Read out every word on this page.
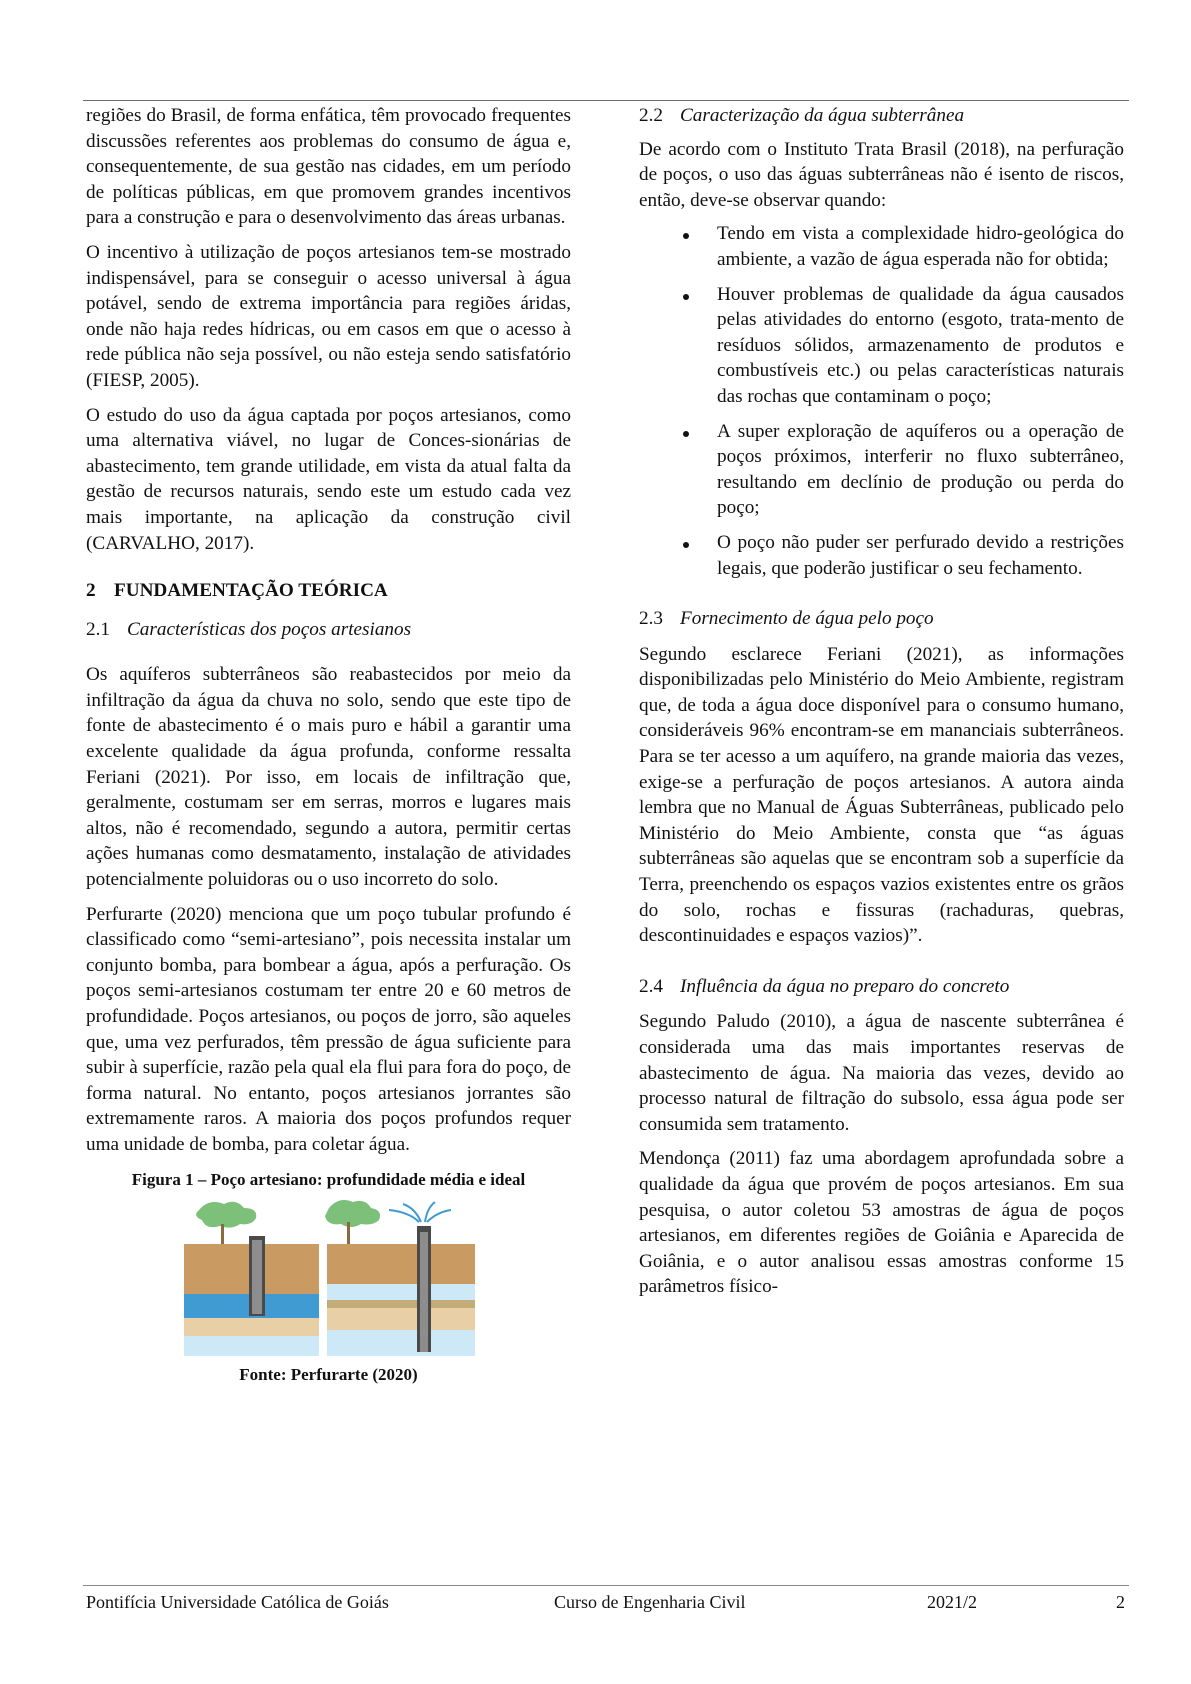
regiões do Brasil, de forma enfática, têm provocado frequentes discussões referentes aos problemas do consumo de água e, consequentemente, de sua gestão nas cidades, em um período de políticas públicas, em que promovem grandes incentivos para a construção e para o desenvolvimento das áreas urbanas.

O incentivo à utilização de poços artesianos tem-se mostrado indispensável, para se conseguir o acesso universal à água potável, sendo de extrema importância para regiões áridas, onde não haja redes hídricas, ou em casos em que o acesso à rede pública não seja possível, ou não esteja sendo satisfatório (FIESP, 2005).

O estudo do uso da água captada por poços artesianos, como uma alternativa viável, no lugar de Conces-sionárias de abastecimento, tem grande utilidade, em vista da atual falta da gestão de recursos naturais, sendo este um estudo cada vez mais importante, na aplicação da construção civil (CARVALHO, 2017).

2 FUNDAMENTAÇÃO TEÓRICA
2.1 Características dos poços artesianos

Os aquíferos subterrâneos são reabastecidos por meio da infiltração da água da chuva no solo, sendo que este tipo de fonte de abastecimento é o mais puro e hábil a garantir uma excelente qualidade da água profunda, conforme ressalta Feriani (2021). Por isso, em locais de infiltração que, geralmente, costumam ser em serras, morros e lugares mais altos, não é recomendado, segundo a autora, permitir certas ações humanas como desmatamento, instalação de atividades potencialmente poluidoras ou o uso incorreto do solo.

Perfurarte (2020) menciona que um poço tubular profundo é classificado como “semi-artesiano”, pois necessita instalar um conjunto bomba, para bombear a água, após a perfuração. Os poços semi-artesianos costumam ter entre 20 e 60 metros de profundidade. Poços artesianos, ou poços de jorro, são aqueles que, uma vez perfurados, têm pressão de água suficiente para subir à superfície, razão pela qual ela flui para fora do poço, de forma natural. No entanto, poços artesianos jorrantes são extremamente raros. A maioria dos poços profundos requer uma unidade de bomba, para coletar água.

Figura 1 – Poço artesiano: profundidade média e ideal
Fonte: Perfurarte (2020)
2.2 Caracterização da água subterrânea

De acordo com o Instituto Trata Brasil (2018), na perfuração de poços, o uso das águas subterrâneas não é isento de riscos, então, deve-se observar quando:

Tendo em vista a complexidade hidro-geológica do ambiente, a vazão de água esperada não for obtida;
Houver problemas de qualidade da água causados pelas atividades do entorno (esgoto, trata-mento de resíduos sólidos, armazenamento de produtos e combustíveis etc.) ou pelas características naturais das rochas que contaminam o poço;
A super exploração de aquíferos ou a operação de poços próximos, interferir no fluxo subterrâneo, resultando em declínio de produção ou perda do poço;
O poço não puder ser perfurado devido a restrições legais, que poderão justificar o seu fechamento.
2.3 Fornecimento de água pelo poço

Segundo esclarece Feriani (2021), as informações disponibilizadas pelo Ministério do Meio Ambiente, registram que, de toda a água doce disponível para o consumo humano, consideráveis 96% encontram-se em mananciais subterrâneos. Para se ter acesso a um aquífero, na grande maioria das vezes, exige-se a perfuração de poços artesianos. A autora ainda lembra que no Manual de Águas Subterrâneas, publicado pelo Ministério do Meio Ambiente, consta que “as águas subterrâneas são aquelas que se encontram sob a superfície da Terra, preenchendo os espaços vazios existentes entre os grãos do solo, rochas e fissuras (rachaduras, quebras, descontinuidades e espaços vazios)”.

2.4 Influência da água no preparo do concreto

Segundo Paludo (2010), a água de nascente subterrânea é considerada uma das mais importantes reservas de abastecimento de água. Na maioria das vezes, devido ao processo natural de filtração do subsolo, essa água pode ser consumida sem tratamento.

Mendonça (2011) faz uma abordagem aprofundada sobre a qualidade da água que provém de poços artesianos. Em sua pesquisa, o autor coletou 53 amostras de água de poços artesianos, em diferentes regiões de Goiânia e Aparecida de Goiânia, e o autor analisou essas amostras conforme 15 parâmetros físico-

Pontifícia Universidade Católica de Goiás	Curso de Engenharia Civil	2021/2	2
